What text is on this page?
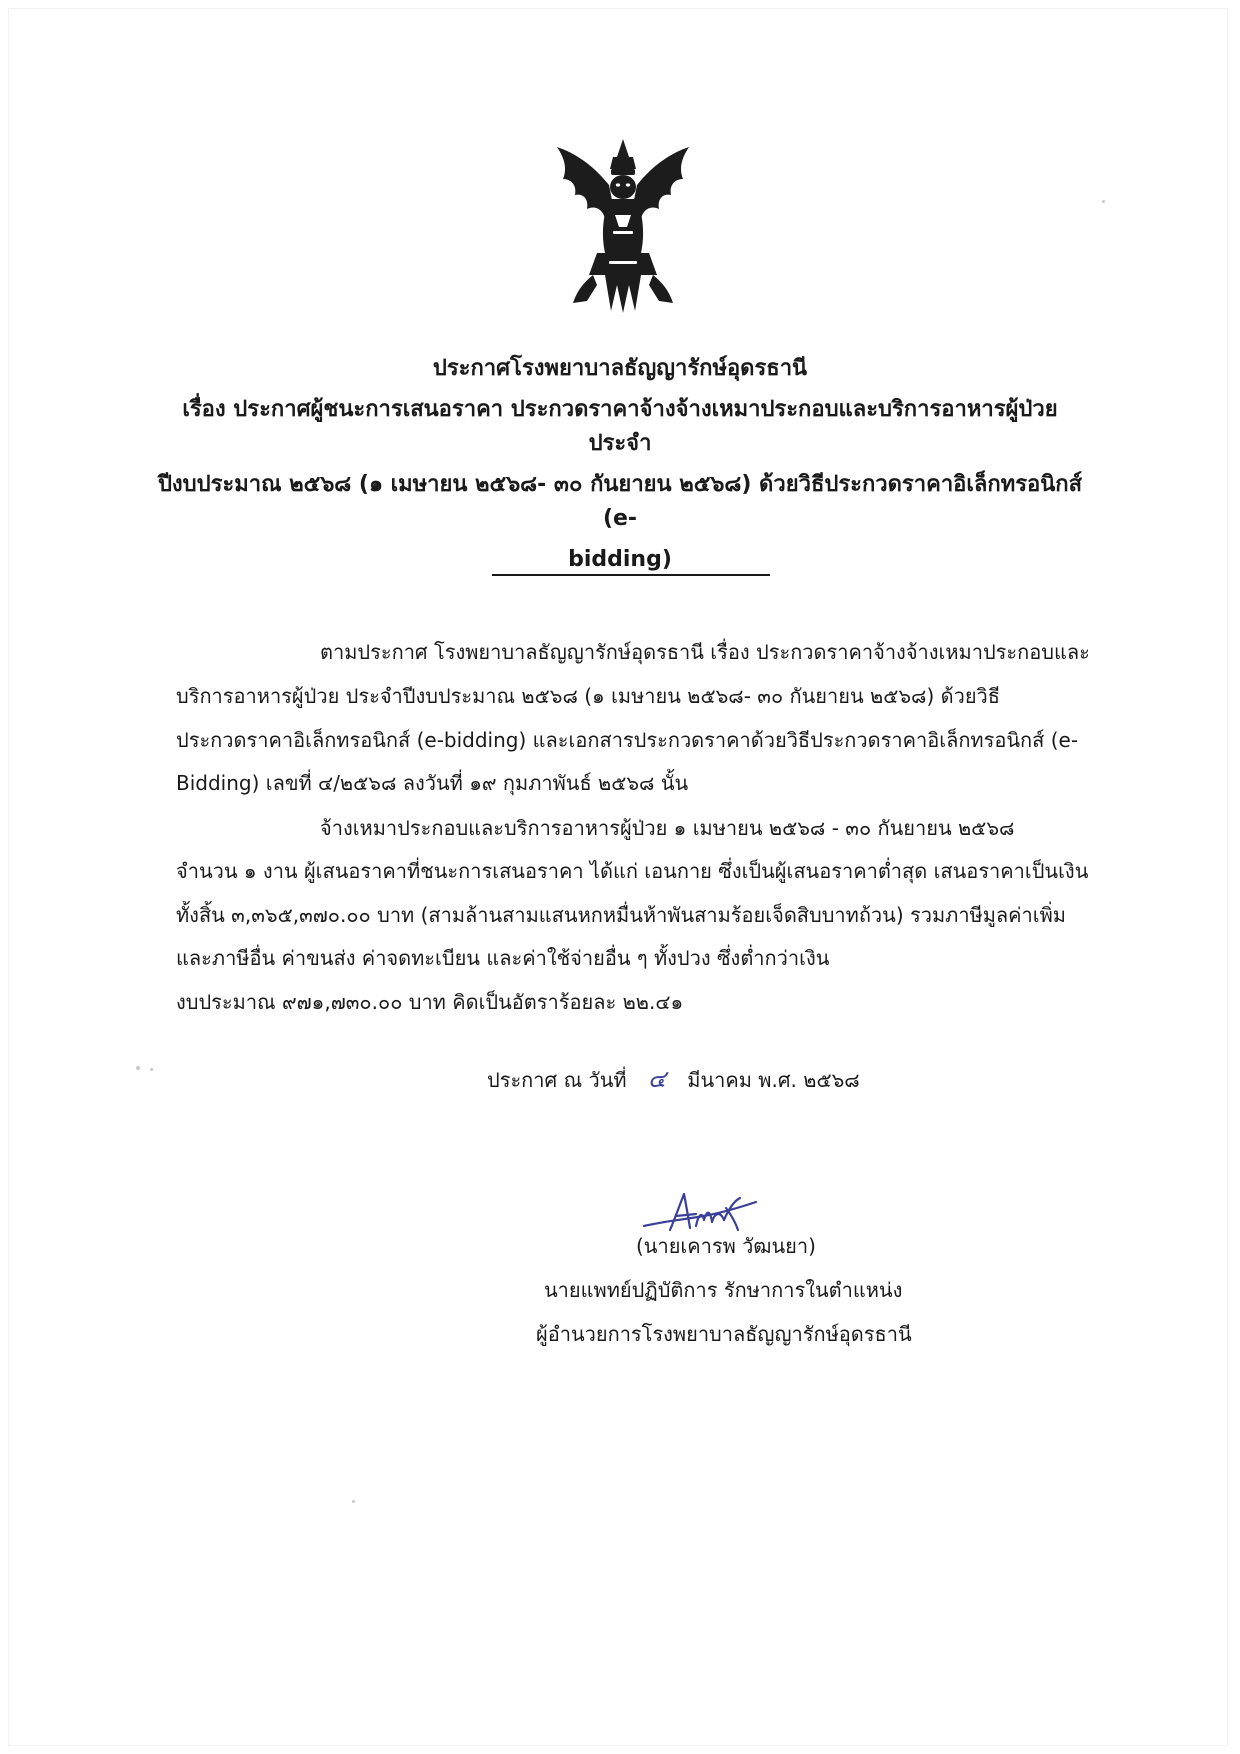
ประกาศโรงพยาบาลธัญญารักษ์อุดรธานี
เรื่อง ประกาศผู้ชนะการเสนอราคา ประกวดราคาจ้างจ้างเหมาประกอบและบริการอาหารผู้ป่วย ประจำ
ปีงบประมาณ ๒๕๖๘ (๑ เมษายน ๒๕๖๘- ๓๐ กันยายน ๒๕๖๘) ด้วยวิธีประกวดราคาอิเล็กทรอนิกส์ (e-
bidding)
ตามประกาศ โรงพยาบาลธัญญารักษ์อุดรธานี เรื่อง ประกวดราคาจ้างจ้างเหมาประกอบและ
บริการอาหารผู้ป่วย ประจำปีงบประมาณ ๒๕๖๘ (๑ เมษายน ๒๕๖๘- ๓๐ กันยายน ๒๕๖๘) ด้วยวิธี
ประกวดราคาอิเล็กทรอนิกส์ (e-bidding) และเอกสารประกวดราคาด้วยวิธีประกวดราคาอิเล็กทรอนิกส์ (e-
Bidding) เลขที่ ๔/๒๕๖๘ ลงวันที่ ๑๙ กุมภาพันธ์ ๒๕๖๘ นั้น
จ้างเหมาประกอบและบริการอาหารผู้ป่วย ๑ เมษายน ๒๕๖๘ - ๓๐ กันยายน ๒๕๖๘
จำนวน ๑ งาน ผู้เสนอราคาที่ชนะการเสนอราคา ได้แก่ เอนกาย ซึ่งเป็นผู้เสนอราคาต่ำสุด เสนอราคาเป็นเงิน
ทั้งสิ้น ๓,๓๖๕,๓๗๐.๐๐ บาท (สามล้านสามแสนหกหมื่นห้าพันสามร้อยเจ็ดสิบบาทถ้วน) รวมภาษีมูลค่าเพิ่ม
และภาษีอื่น ค่าขนส่ง ค่าจดทะเบียน และค่าใช้จ่ายอื่น ๆ ทั้งปวง ซึ่งต่ำกว่าเงิน
งบประมาณ ๙๗๑,๗๓๐.๐๐ บาท คิดเป็นอัตราร้อยละ ๒๒.๔๑
ประกาศ ณ วันที่ ๔ มีนาคม พ.ศ. ๒๕๖๘
(นายเคารพ วัฒนยา)
นายแพทย์ปฏิบัติการ รักษาการในตำแหน่ง
ผู้อำนวยการโรงพยาบาลธัญญารักษ์อุดรธานี
